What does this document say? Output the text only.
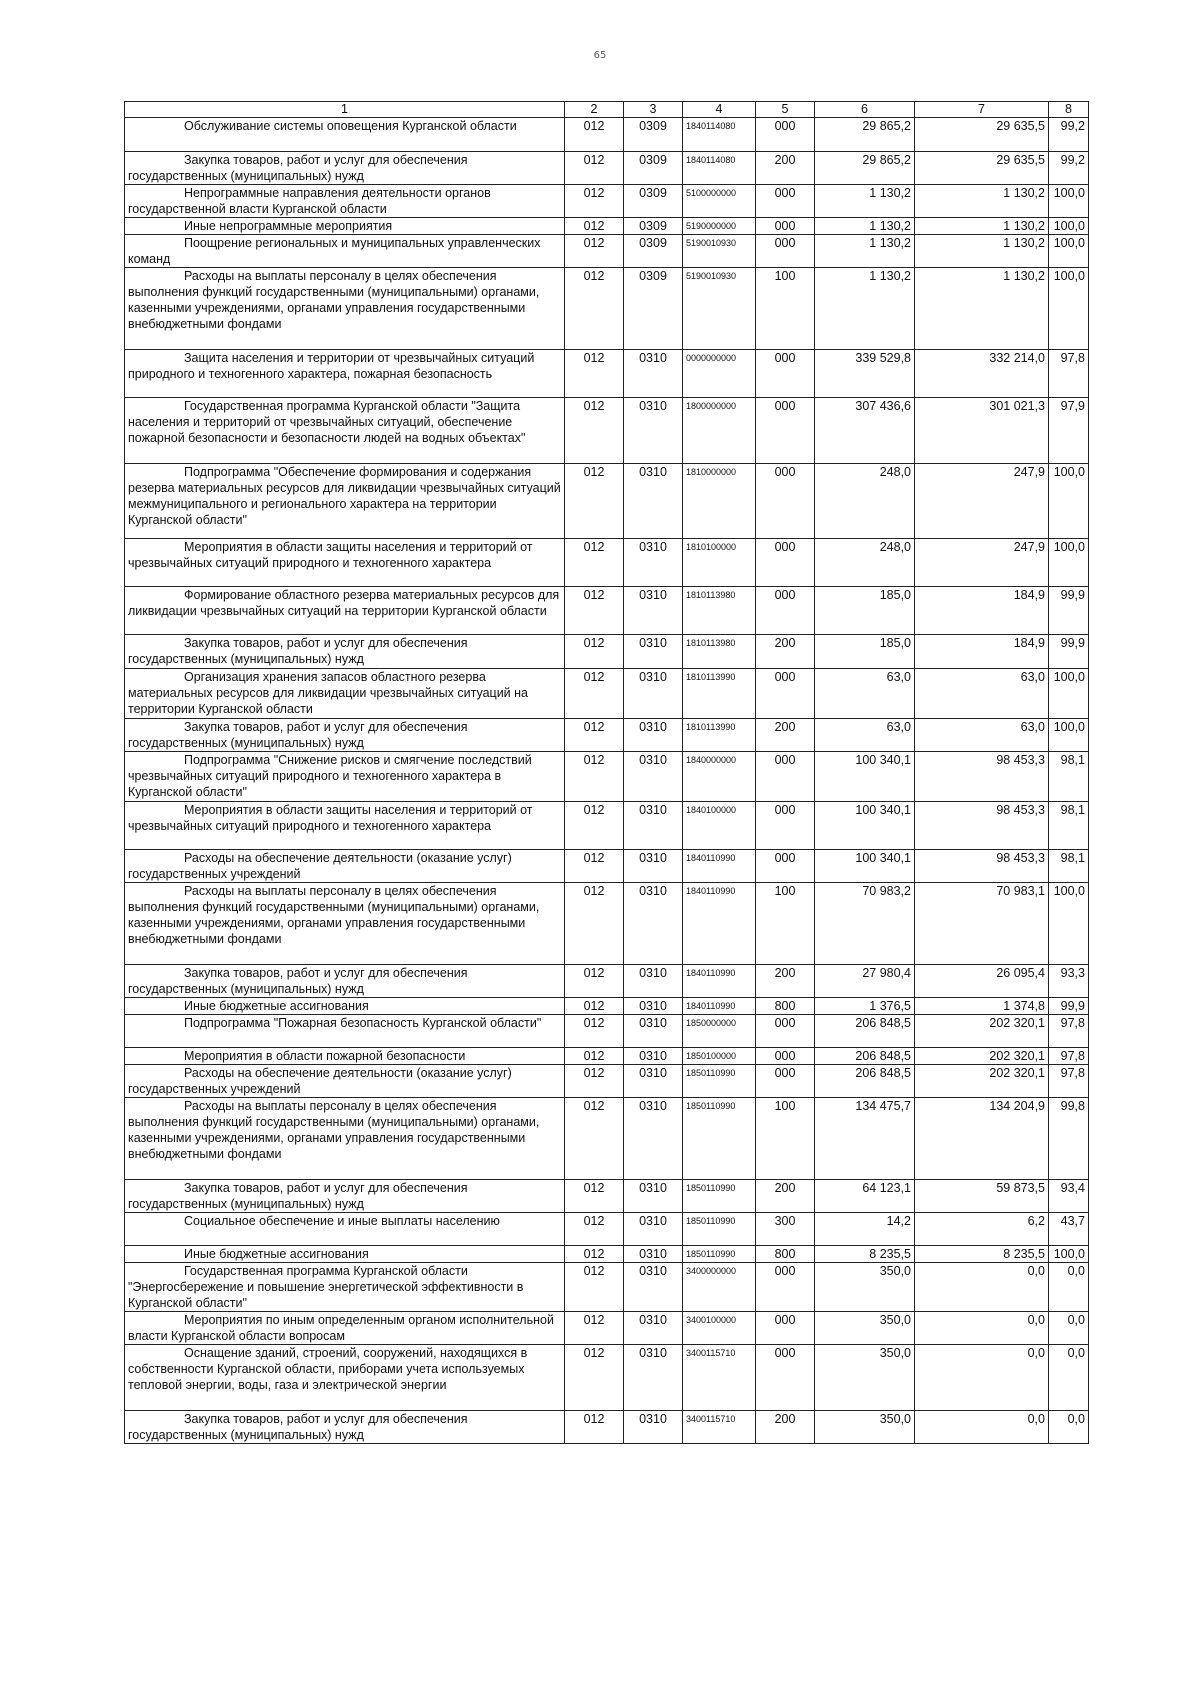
65
1	2	3	4	5	6	7	8

Обслуживание системы оповещения Курганской области	012	0309	1840114080	000	29 865,2	29 635,5	99,2

Закупка товаров, работ и услуг для обеспечения государственных (муниципальных) нужд	012	0309	1840114080	200	29 865,2	29 635,5	99,2

Непрограммные направления деятельности органов государственной власти Курганской области	012	0309	5100000000	000	1 130,2	1 130,2	100,0

Иные непрограммные мероприятия	012	0309	5190000000	000	1 130,2	1 130,2	100,0

Поощрение региональных и муниципальных управленческих команд	012	0309	5190010930	000	1 130,2	1 130,2	100,0

Расходы на выплаты персоналу в целях обеспечения выполнения функций государственными (муниципальными) органами, казенными учреждениями, органами управления государственными внебюджетными фондами	012	0309	5190010930	100	1 130,2	1 130,2	100,0

Защита населения и территории от чрезвычайных ситуаций природного и техногенного характера, пожарная безопасность	012	0310	0000000000	000	339 529,8	332 214,0	97,8

Государственная программа Курганской области "Защита населения и территорий от чрезвычайных ситуаций, обеспечение пожарной безопасности и безопасности людей на водных объектах"	012	0310	1800000000	000	307 436,6	301 021,3	97,9

Подпрограмма "Обеспечение формирования и содержания резерва материальных ресурсов для ликвидации чрезвычайных ситуаций межмуниципального и регионального характера на территории Курганской области"	012	0310	1810000000	000	248,0	247,9	100,0

Мероприятия в области защиты населения и территорий от чрезвычайных ситуаций природного и техногенного характера	012	0310	1810100000	000	248,0	247,9	100,0

Формирование областного резерва материальных ресурсов для ликвидации чрезвычайных ситуаций на территории Курганской области	012	0310	1810113980	000	185,0	184,9	99,9

Закупка товаров, работ и услуг для обеспечения государственных (муниципальных) нужд	012	0310	1810113980	200	185,0	184,9	99,9

Организация хранения запасов областного резерва материальных ресурсов для ликвидации чрезвычайных ситуаций на территории Курганской области	012	0310	1810113990	000	63,0	63,0	100,0

Закупка товаров, работ и услуг для обеспечения государственных (муниципальных) нужд	012	0310	1810113990	200	63,0	63,0	100,0

Подпрограмма "Снижение рисков и смягчение последствий чрезвычайных ситуаций природного и техногенного характера в Курганской области"	012	0310	1840000000	000	100 340,1	98 453,3	98,1

Мероприятия в области защиты населения и территорий от чрезвычайных ситуаций природного и техногенного характера	012	0310	1840100000	000	100 340,1	98 453,3	98,1

Расходы на обеспечение деятельности (оказание услуг) государственных учреждений	012	0310	1840110990	000	100 340,1	98 453,3	98,1

Расходы на выплаты персоналу в целях обеспечения выполнения функций государственными (муниципальными) органами, казенными учреждениями, органами управления государственными внебюджетными фондами	012	0310	1840110990	100	70 983,2	70 983,1	100,0

Закупка товаров, работ и услуг для обеспечения государственных (муниципальных) нужд	012	0310	1840110990	200	27 980,4	26 095,4	93,3

Иные бюджетные ассигнования	012	0310	1840110990	800	1 376,5	1 374,8	99,9

Подпрограмма "Пожарная безопасность Курганской области"	012	0310	1850000000	000	206 848,5	202 320,1	97,8

Мероприятия в области пожарной безопасности	012	0310	1850100000	000	206 848,5	202 320,1	97,8

Расходы на обеспечение деятельности (оказание услуг) государственных учреждений	012	0310	1850110990	000	206 848,5	202 320,1	97,8

Расходы на выплаты персоналу в целях обеспечения выполнения функций государственными (муниципальными) органами, казенными учреждениями, органами управления государственными внебюджетными фондами	012	0310	1850110990	100	134 475,7	134 204,9	99,8

Закупка товаров, работ и услуг для обеспечения государственных (муниципальных) нужд	012	0310	1850110990	200	64 123,1	59 873,5	93,4

Социальное обеспечение и иные выплаты населению	012	0310	1850110990	300	14,2	6,2	43,7

Иные бюджетные ассигнования	012	0310	1850110990	800	8 235,5	8 235,5	100,0

Государственная программа Курганской области "Энергосбережение и повышение энергетической эффективности в Курганской области"	012	0310	3400000000	000	350,0	0,0	0,0

Мероприятия по иным определенным органом исполнительной власти Курганской области вопросам	012	0310	3400100000	000	350,0	0,0	0,0

Оснащение зданий, строений, сооружений, находящихся в собственности Курганской области, приборами учета используемых тепловой энергии, воды, газа и электрической энергии	012	0310	3400115710	000	350,0	0,0	0,0

Закупка товаров, работ и услуг для обеспечения государственных (муниципальных) нужд	012	0310	3400115710	200	350,0	0,0	0,0
